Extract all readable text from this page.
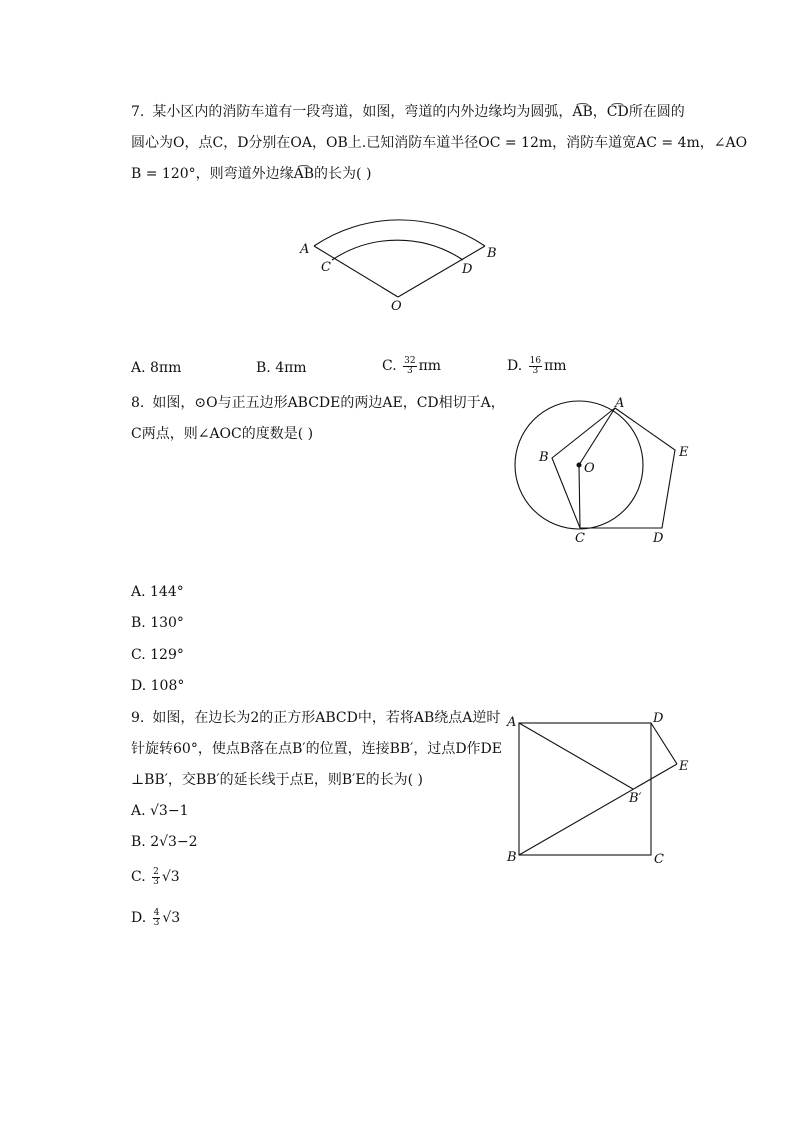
7. 某小区内的消防车道有一段弯道，如图，弯道的内外边缘均为圆弧，A͡B，C͡D所在圆的
圆心为O，点C，D分别在OA，OB上.已知消防车道半径OC = 12m，消防车道宽AC = 4m，∠AO
B = 120°，则弯道外边缘A͡B的长为( )
A
C
B
D
O
A. 8πm	B. 4πm	C. $\frac{32}{3}$ πm	D. $\frac{16}{3}$ πm
8. 如图，⊙O与正五边形ABCDE的两边AE，CD相切于A，
C两点，则∠AOC的度数是( )
A
B
O
E
C	D
A. 144°
B. 130°
C. 129°
D. 108°
9. 如图，在边长为2的正方形ABCD中，若将AB绕点A逆时
针旋转60°，使点B落在点B′的位置，连接BB′，过点D作DE
⊥BB′，交BB′的延长线于点E，则B′E的长为( )
A	D
E
B′
B	C
A. √3−1
B. 2√3−2
C. $\frac{2}{3} √3$
D. $\frac{4}{3} √3$
